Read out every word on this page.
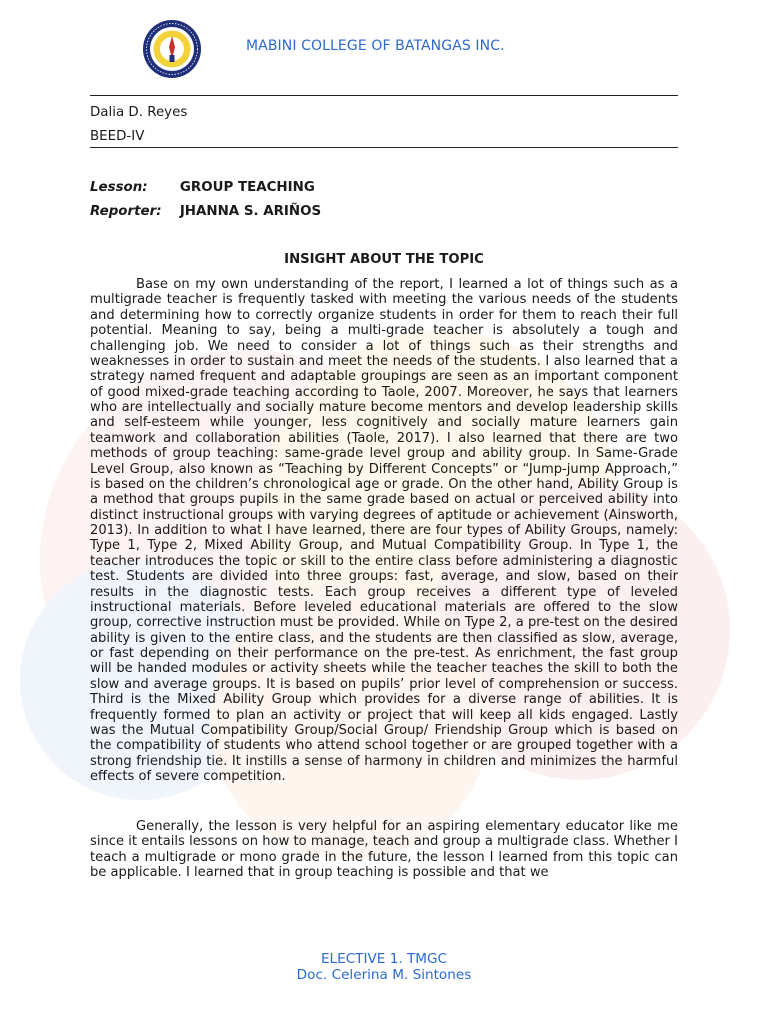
MABINI COLLEGE OF BATANGAS INC.
Dalia D. Reyes
BEED-IV
Lesson: GROUP TEACHING
Reporter: JHANNA S. ARIÑOS
INSIGHT ABOUT THE TOPIC

Base on my own understanding of the report, I learned a lot of things such as a multigrade teacher is frequently tasked with meeting the various needs of the students and determining how to correctly organize students in order for them to reach their full potential. Meaning to say, being a multi-grade teacher is absolutely a tough and challenging job. We need to consider a lot of things such as their strengths and weaknesses in order to sustain and meet the needs of the students. I also learned that a strategy named frequent and adaptable groupings are seen as an important component of good mixed-grade teaching according to Taole, 2007. Moreover, he says that learners who are intellectually and socially mature become mentors and develop leadership skills and self-esteem while younger, less cognitively and socially mature learners gain teamwork and collaboration abilities (Taole, 2017). I also learned that there are two methods of group teaching: same-grade level group and ability group. In Same-Grade Level Group, also known as “Teaching by Different Concepts” or “Jump-jump Approach,” is based on the children’s chronological age or grade. On the other hand, Ability Group is a method that groups pupils in the same grade based on actual or perceived ability into distinct instructional groups with varying degrees of aptitude or achievement (Ainsworth, 2013). In addition to what I have learned, there are four types of Ability Groups, namely: Type 1, Type 2, Mixed Ability Group, and Mutual Compatibility Group. In Type 1, the teacher introduces the topic or skill to the entire class before administering a diagnostic test. Students are divided into three groups: fast, average, and slow, based on their results in the diagnostic tests. Each group receives a different type of leveled instructional materials. Before leveled educational materials are offered to the slow group, corrective instruction must be provided. While on Type 2, a pre-test on the desired ability is given to the entire class, and the students are then classified as slow, average, or fast depending on their performance on the pre-test. As enrichment, the fast group will be handed modules or activity sheets while the teacher teaches the skill to both the slow and average groups. It is based on pupils’ prior level of comprehension or success. Third is the Mixed Ability Group which provides for a diverse range of abilities. It is frequently formed to plan an activity or project that will keep all kids engaged. Lastly was the Mutual Compatibility Group/Social Group/ Friendship Group which is based on the compatibility of students who attend school together or are grouped together with a strong friendship tie. It instills a sense of harmony in children and minimizes the harmful effects of severe competition.

Generally, the lesson is very helpful for an aspiring elementary educator like me since it entails lessons on how to manage, teach and group a multigrade class. Whether I teach a multigrade or mono grade in the future, the lesson I learned from this topic can be applicable. I learned that in group teaching is possible and that we

ELECTIVE 1. TMGC
Doc. Celerina M. Sintones
